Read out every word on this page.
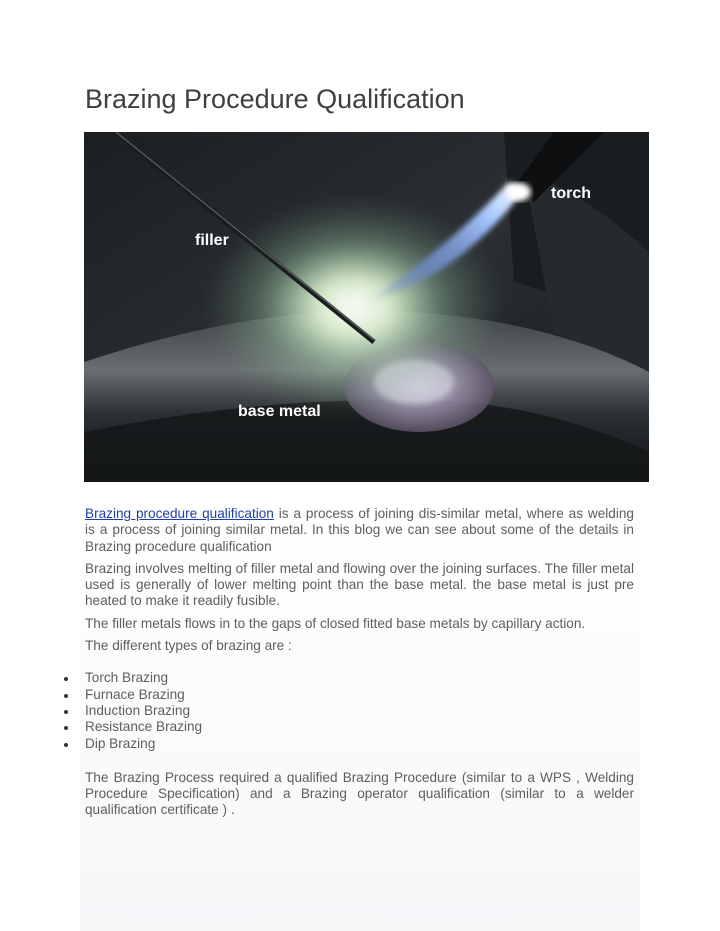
Brazing Procedure Qualification
torch
filler
base metal

Brazing procedure qualification is a process of joining dis-similar metal, where as welding is a process of joining similar metal. In this blog we can see about some of the details in Brazing procedure qualification

Brazing involves melting of filler metal and flowing over the joining surfaces. The filler metal used is generally of lower melting point than the base metal. the base metal is just pre heated to make it readily fusible.

The filler metals flows in to the gaps of closed fitted base metals by capillary action.

The different types of brazing are :

Torch Brazing
Furnace Brazing
Induction Brazing
Resistance Brazing
Dip Brazing

The Brazing Process required a qualified Brazing Procedure (similar to a WPS , Welding Procedure Specification) and a Brazing operator qualification (similar to a welder qualification certificate ) .
